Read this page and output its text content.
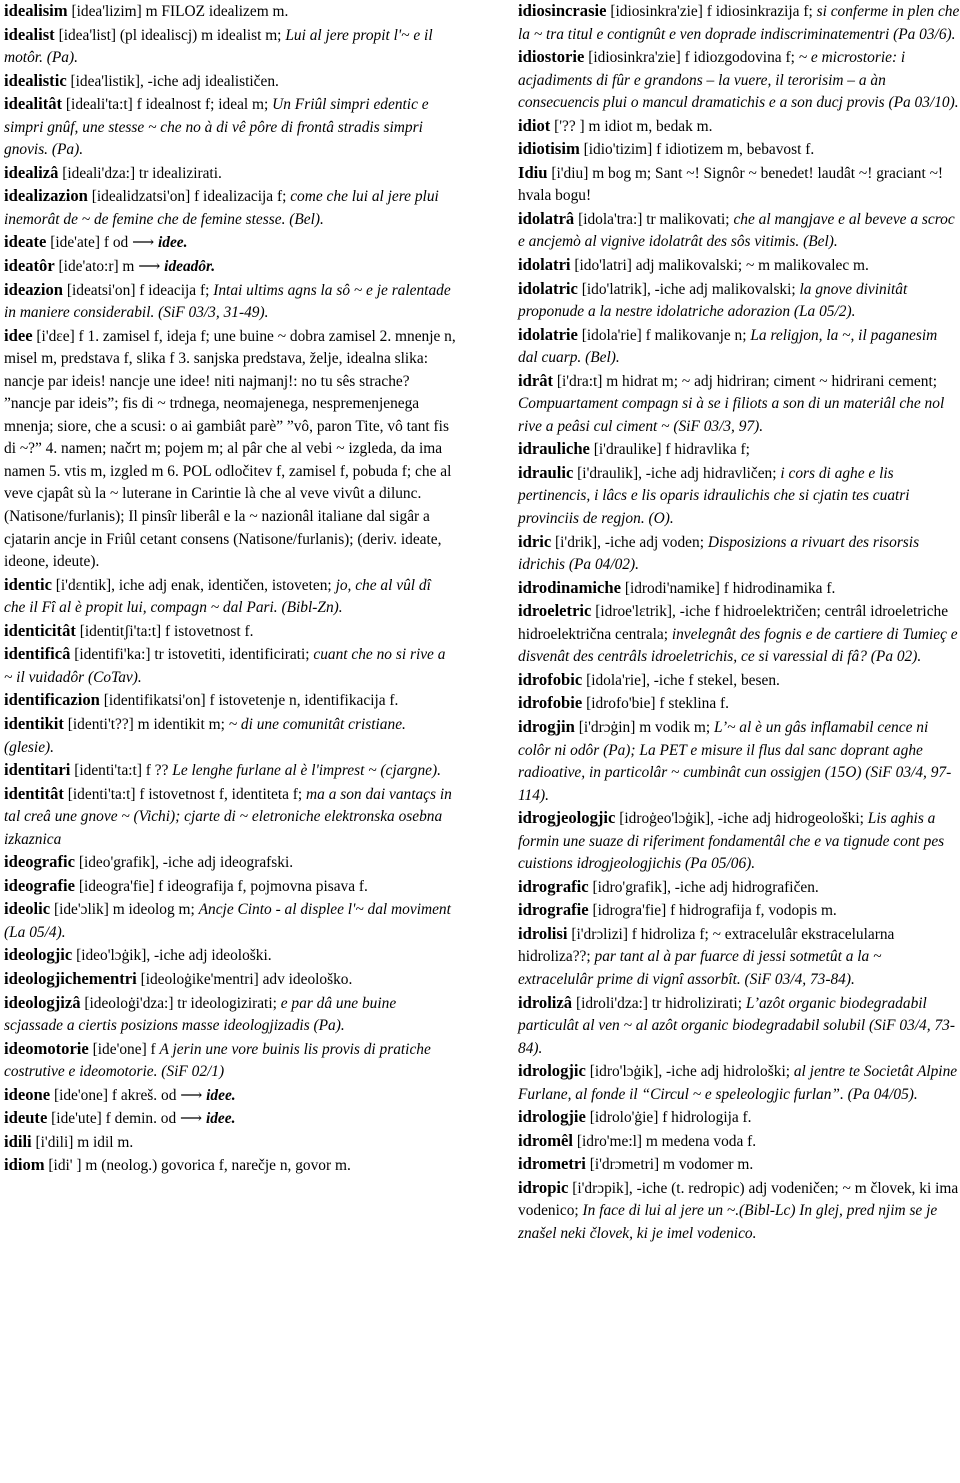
idealisim [idea'lizim] m FILOZ idealizem m.

idealist [idea'list] (pl idealiscj) m idealist m; Lui al jere propit l'~ e il motôr. (Pa).

idealistic [idea'listik], -iche adj idealističen.

idealitât [ideali'ta:t] f idealnost f; ideal m; Un Friûl simpri edentic e simpri gnûf, une stesse ~ che no à di vê pôre di frontâ stradis simpri gnovis. (Pa).

idealizâ [ideali'dza:] tr idealizirati.

idealizazion [idealidzatsi'on] f idealizacija f; come che lui al jere plui inemorât de ~ de femine che de femine stesse. (Bel).

ideate [ide'ate] f od ⟶ idee.

ideatôr [ide'ato:r] m ⟶ ideadôr.

ideazion [ideatsi'on] f ideacija f; Intai ultims agns la sô ~ e je ralentade in maniere considerabil. (SiF 03/3, 31-49).

idee [i'dεe] f 1. zamisel f, ideja f; une buine ~ dobra zamisel 2. mnenje n, misel m, predstava f, slika f 3. sanjska predstava, želje, idealna slika: nancje par ideis! nancje une idee! niti najmanj!: no tu sês strache? ”nancje par ideis”; fis di ~ trdnega, neomajenega, nespremenjenega mnenja; siore, che a scusi: o ai gambiât parè” ”vô, paron Tite, vô tant fis di ~?” 4. namen; načrt m; pojem m; al pâr che al vebi ~ izgleda, da ima namen 5. vtis m, izgled m 6. POL odločitev f, zamisel f, pobuda f; che al veve cjapât sù la ~ luterane in Carintie là che al veve vivût a dilunc. (Natisone/furlanis); Il pinsîr liberâl e la ~ nazionâl italiane dal sigâr a cjatarin ancje in Friûl cetant consens (Natisone/furlanis); (deriv. ideate, ideone, ideute).

identic [i'dεntik], iche adj enak, identičen, istoveten; jo, che al vûl dî che il Fî al è propit lui, compagn ~ dal Pari. (Bibl-Zn).

identicitât [identitʃi'ta:t] f istovetnost f.

identificâ [identifi'ka:] tr istovetiti, identificirati; cuant che no si rive a ~ il vuidadôr (CoTav).

identificazion [identifikatsi'on] f istovetenje n, identifikacija f.

identikit [identi't??] m identikit m; ~ di une comunitât cristiane. (glesie).

identitari [identi'ta:t] f ?? Le lenghe furlane al è l'imprest ~ (cjargne).

identitât [identi'ta:t] f istovetnost f, identiteta f; ma a son dai vantaçs in tal creâ une gnove ~ (Vichi); cjarte di ~ eletroniche elektronska osebna izkaznica

ideografic [ideo'grafik], -iche adj ideografski.

ideografie [ideogra'fie] f ideografija f, pojmovna pisava f.

ideolic [ide'ɔlik] m ideolog m; Ancje Cinto - al displee l'~ dal moviment (La 05/4).

ideologjic [ideo'lɔġik], -iche adj ideološki.

ideologjichementri [ideoloġike'mentri] adv ideološko.

ideologjizâ [ideoloġi'dza:] tr ideologizirati; e par dâ une buine scjassade a ciertis posizions masse ideologjizadis (Pa).

ideomotorie [ide'one] f A jerin une vore buinis lis provis di pratiche costrutive e ideomotorie. (SiF 02/1)

ideone [ide'one] f akreš. od ⟶ idee.

ideute [ide'ute] f demin. od ⟶ idee.

idili [i'dili] m idil m.

idiom [idi' ] m (neolog.) govorica f, narečje n, govor m.

idiosincrasie [idiosinkra'zie] f idiosinkrazija f; si conferme in plen che la ~ tra titul e contignût e ven doprade indiscriminatementri (Pa 03/6).

idiostorie [idiosinkra'zie] f idiozgodovina f; ~ e microstorie: i acjadiments di fûr e grandons – la vuere, il terorisim – a àn consecuencis plui o mancul dramatichis e a son ducj provis (Pa 03/10).

idiot ['?? ] m idiot m, bedak m.

idiotisim [idio'tizim] f idiotizem m, bebavost f.

Idiu [i'diu] m bog m; Sant ~! Signôr ~ benedet! laudât ~! graciant ~! hvala bogu!

idolatrâ [idola'tra:] tr malikovati; che al mangjave e al beveve a scroc e ancjemò al vignive idolatrât des sôs vitimis. (Bel).

idolatri [ido'latri] adj malikovalski; ~ m malikovalec m.

idolatric [ido'latrik], -iche adj malikovalski; la gnove divinitât proponude a la nestre idolatriche adorazion (La 05/2).

idolatrie [idola'rie] f malikovanje n; La religjon, la ~, il paganesim dal cuarp. (Bel).

idrât [i'dra:t] m hidrat m; ~ adj hidriran; ciment ~ hidrirani cement; Compuartament compagn si à se i filiots a son di un materiâl che nol rive a peâsi cul ciment ~ (SiF 03/3, 97).

idrauliche [i'draulike] f hidravlika f;

idraulic [i'draulik], -iche adj hidravličen; i cors di aghe e lis pertinencis, i lâcs e lis oparis idraulichis che si cjatin tes cuatri provinciis de regjon. (O).

idric [i'drik], -iche adj voden; Disposizions a rivuart des risorsis idrichis (Pa 04/02).

idrodinamiche [idrodi'namike] f hidrodinamika f.

idroeletric [idroe'lεtrik], -iche f hidroelektričen; centrâl idroeletriche hidroelektrična centrala; invelegnât des fognis e de cartiere di Tumieç e disvenât des centrâls idroeletrichis, ce si varessial di fâ? (Pa 02).

idrofobic [idola'rie], -iche f stekel, besen.

idrofobie [idrofo'bie] f steklina f.

idrogjin [i'drɔġin] m vodik m; L’~ al è un gâs inflamabil cence ni colôr ni odôr (Pa); La PET e misure il flus dal sanc doprant aghe radioative, in particolâr ~ cumbinât cun ossigjen (15O) (SiF 03/4, 97-114).

idrogjeologjic [idroġeo'lɔġik], -iche adj hidrogeološki; Lis aghis a formin une suaze di riferiment fondamentâl che e va tignude cont pes cuistions idrogjeologjichis (Pa 05/06).

idrografic [idro'grafik], -iche adj hidrografičen.

idrografie [idrogra'fie] f hidrografija f, vodopis m.

idrolisi [i'drɔlizi] f hidroliza f; ~ extracelulâr ekstracelularna hidroliza??; par tant al à par fuarce di jessi sotmetût a la ~ extracelulâr prime di vignî assorbît. (SiF 03/4, 73-84).

idrolizâ [idroli'dza:] tr hidrolizirati; L’azôt organic biodegradabil particulât al ven ~ al azôt organic biodegradabil solubil (SiF 03/4, 73-84).

idrologjic [idro'lɔġik], -iche adj hidrološki; al jentre te Societât Alpine Furlane, al fonde il “Circul ~ e speleologjic furlan”. (Pa 04/05).

idrologjie [idrolo'ġie] f hidrologija f.

idromêl [idro'me:l] m medena voda f.

idrometri [i'drɔmetri] m vodomer m.

idropic [i'drɔpik], -iche (t. redropic) adj vodeničen; ~ m človek, ki ima vodenico; In face di lui al jere un ~.(Bibl-Lc) In glej, pred njim se je znašel neki človek, ki je imel vodenico.
